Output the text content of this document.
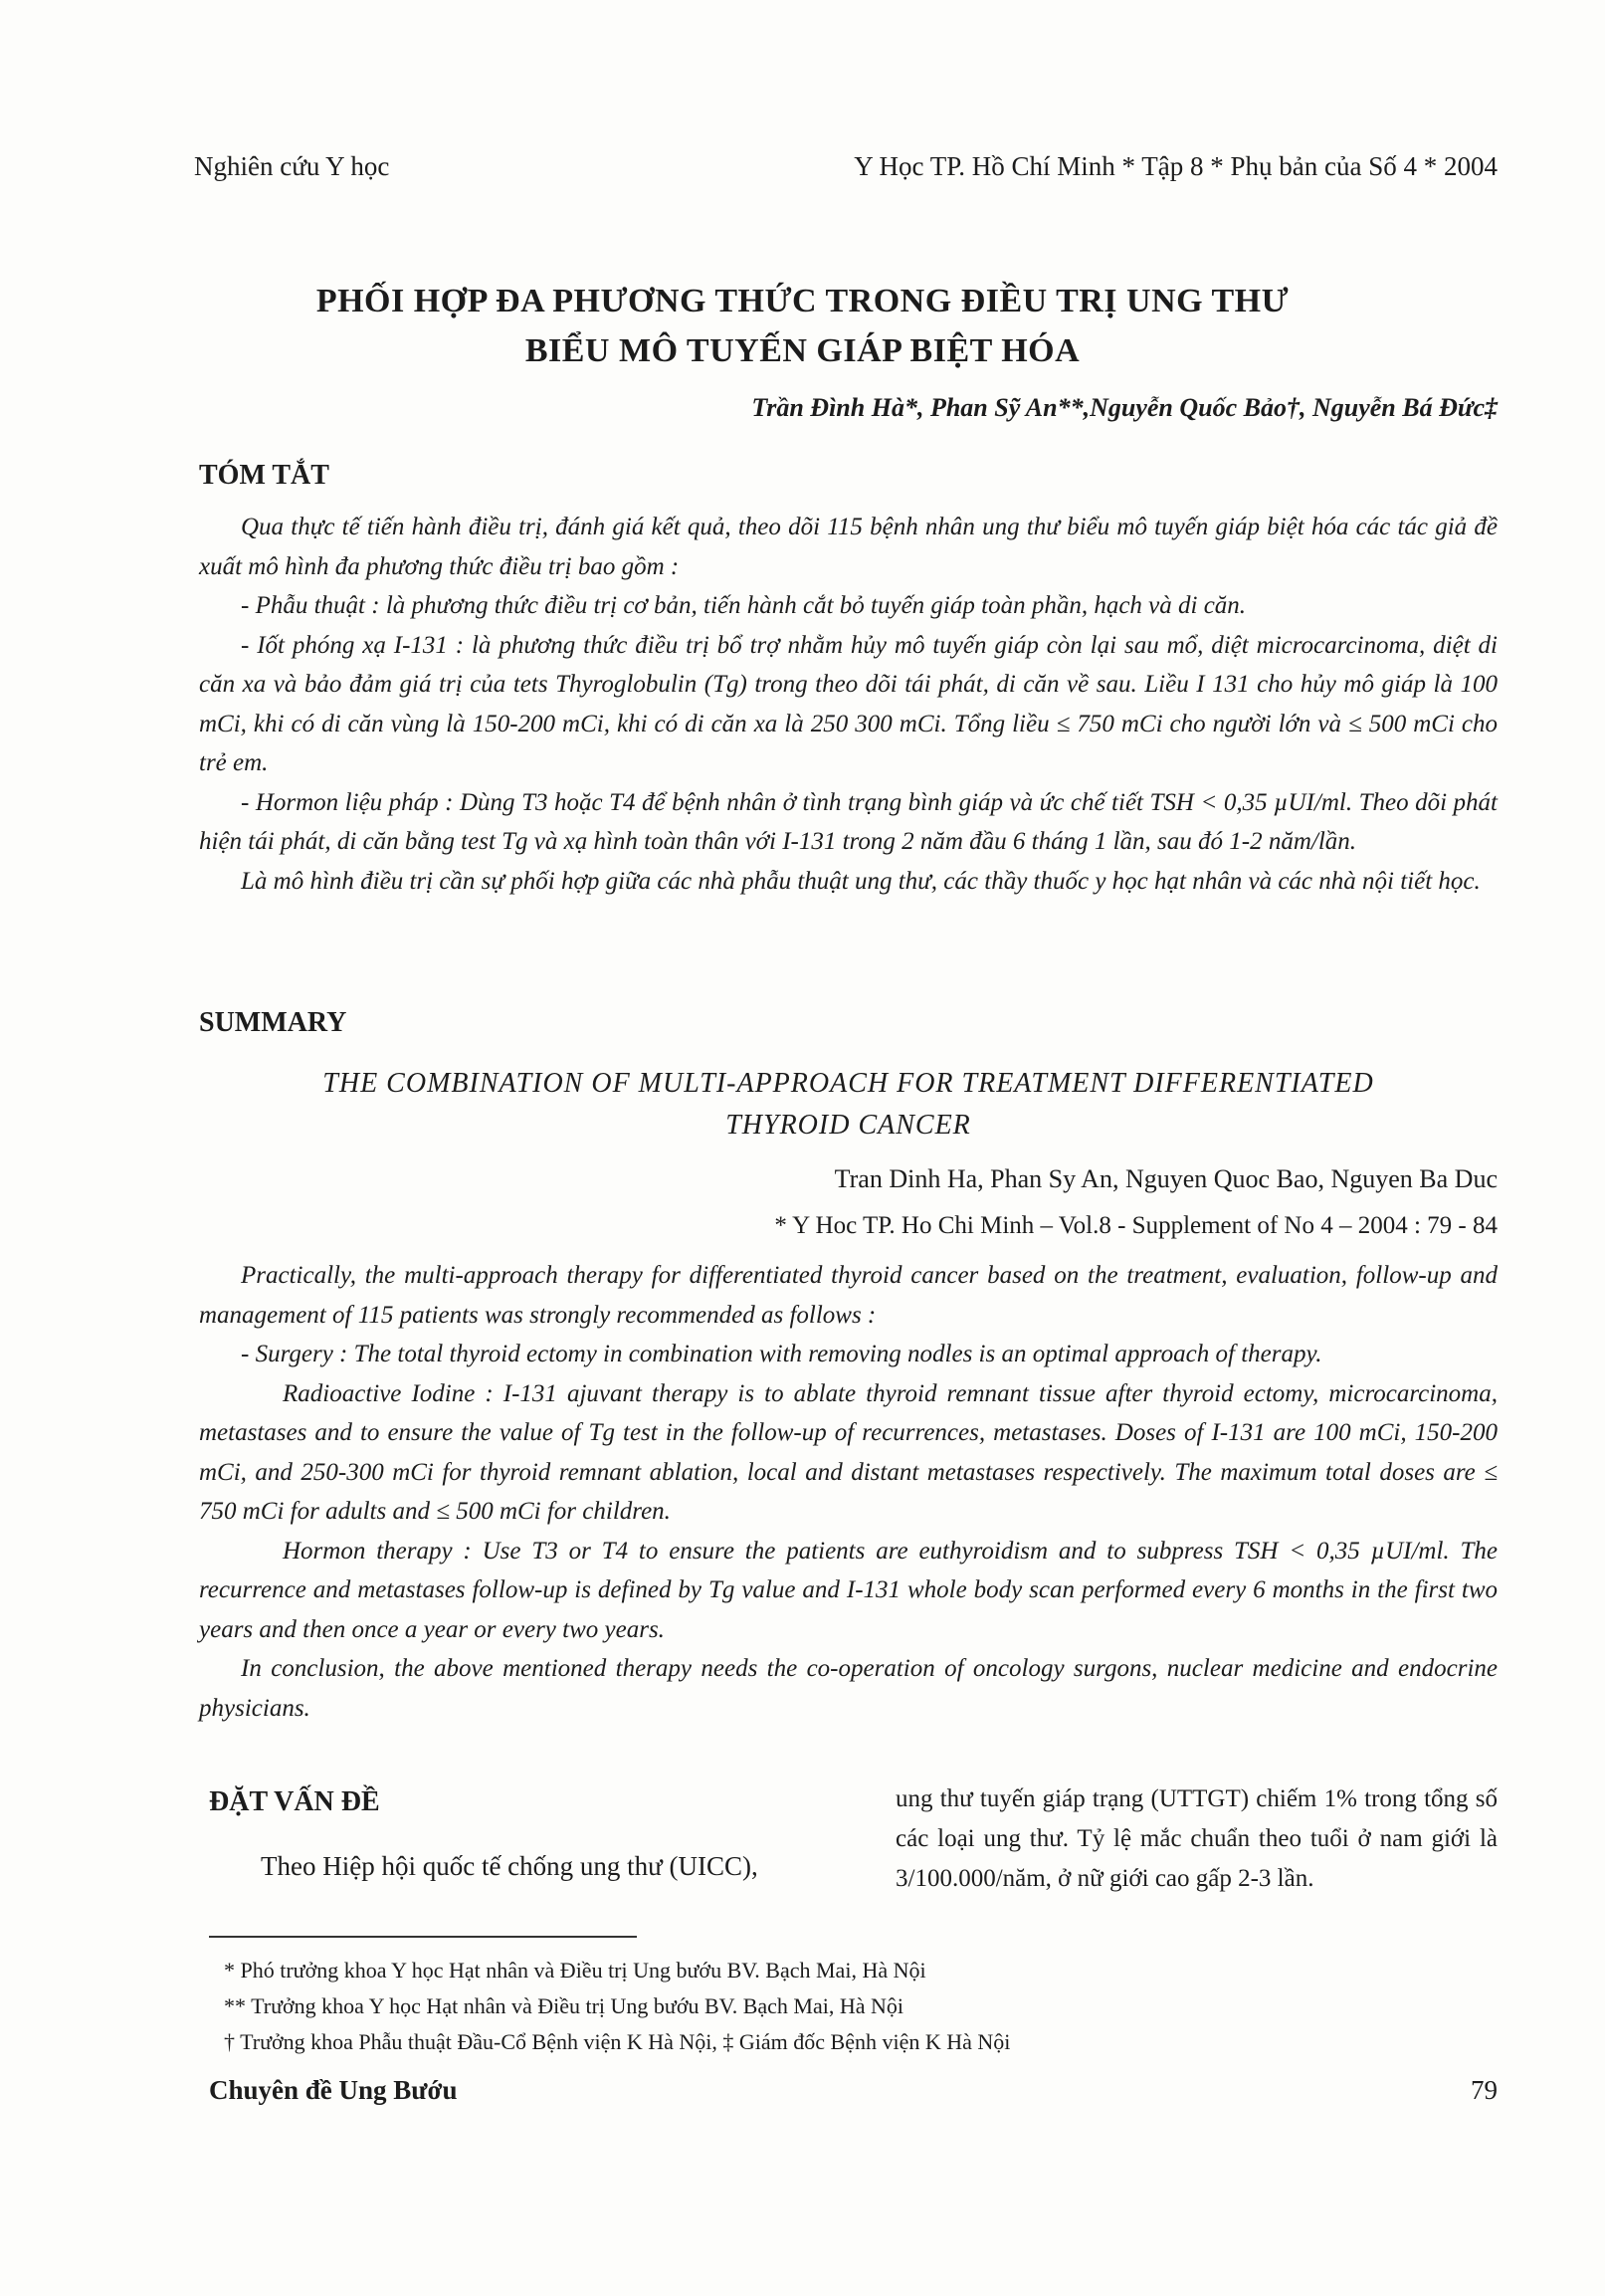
Nghiên cứu Y học	Y Học TP. Hồ Chí Minh * Tập 8 * Phụ bản của Số 4 * 2004
PHỐI HỢP ĐA PHƯƠNG THỨC TRONG ĐIỀU TRỊ UNG THƯ
BIỂU MÔ TUYẾN GIÁP BIỆT HÓA
Trần Đình Hà*, Phan Sỹ An**,Nguyễn Quốc Bảo†, Nguyễn Bá Đức‡
TÓM TẮT

Qua thực tế tiến hành điều trị, đánh giá kết quả, theo dõi 115 bệnh nhân ung thư biểu mô tuyến giáp biệt hóa các tác giả đề xuất mô hình đa phương thức điều trị bao gồm :

- Phẫu thuật : là phương thức điều trị cơ bản, tiến hành cắt bỏ tuyến giáp toàn phần, hạch và di căn.

- Iốt phóng xạ I-131 : là phương thức điều trị bổ trợ nhằm hủy mô tuyến giáp còn lại sau mổ, diệt microcarcinoma, diệt di căn xa và bảo đảm giá trị của tets Thyroglobulin (Tg) trong theo dõi tái phát, di căn về sau. Liều I 131 cho hủy mô giáp là 100 mCi, khi có di căn vùng là 150-200 mCi, khi có di căn xa là 250 300 mCi. Tổng liều ≤ 750 mCi cho người lớn và ≤ 500 mCi cho trẻ em.

- Hormon liệu pháp : Dùng T3 hoặc T4 để bệnh nhân ở tình trạng bình giáp và ức chế tiết TSH < 0,35 µUI/ml. Theo dõi phát hiện tái phát, di căn bằng test Tg và xạ hình toàn thân với I-131 trong 2 năm đầu 6 tháng 1 lần, sau đó 1-2 năm/lần.

Là mô hình điều trị cần sự phối hợp giữa các nhà phẫu thuật ung thư, các thầy thuốc y học hạt nhân và các nhà nội tiết học.

SUMMARY
THE COMBINATION OF MULTI-APPROACH FOR TREATMENT DIFFERENTIATED
THYROID CANCER
Tran Dinh Ha, Phan Sy An, Nguyen Quoc Bao, Nguyen Ba Duc
* Y Hoc TP. Ho Chi Minh – Vol.8 - Supplement of No 4 – 2004 : 79 - 84

Practically, the multi-approach therapy for differentiated thyroid cancer based on the treatment, evaluation, follow-up and management of 115 patients was strongly recommended as follows :

- Surgery : The total thyroid ectomy in combination with removing nodles is an optimal approach of therapy.

Radioactive Iodine : I-131 ajuvant therapy is to ablate thyroid remnant tissue after thyroid ectomy, microcarcinoma, metastases and to ensure the value of Tg test in the follow-up of recurrences, metastases. Doses of I-131 are 100 mCi, 150-200 mCi, and 250-300 mCi for thyroid remnant ablation, local and distant metastases respectively. The maximum total doses are ≤ 750 mCi for adults and ≤ 500 mCi for children.

Hormon therapy : Use T3 or T4 to ensure the patients are euthyroidism and to subpress TSH < 0,35 µUI/ml. The recurrence and metastases follow-up is defined by Tg value and I-131 whole body scan performed every 6 months in the first two years and then once a year or every two years.

In conclusion, the above mentioned therapy needs the co-operation of oncology surgons, nuclear medicine and endocrine physicians.

ĐẶT VẤN ĐỀ

Theo Hiệp hội quốc tế chống ung thư (UICC),

ung thư tuyến giáp trạng (UTTGT) chiếm 1% trong tổng số các loại ung thư. Tỷ lệ mắc chuẩn theo tuổi ở nam giới là 3/100.000/năm, ở nữ giới cao gấp 2-3 lần.

* Phó trưởng khoa Y học Hạt nhân và Điều trị Ung bướu BV. Bạch Mai, Hà Nội
** Trưởng khoa Y học Hạt nhân và Điều trị Ung bướu BV. Bạch Mai, Hà Nội
† Trưởng khoa Phẫu thuật Đầu-Cổ Bệnh viện K Hà Nội, ‡ Giám đốc Bệnh viện K Hà Nội
Chuyên đề Ung Bướu	79
